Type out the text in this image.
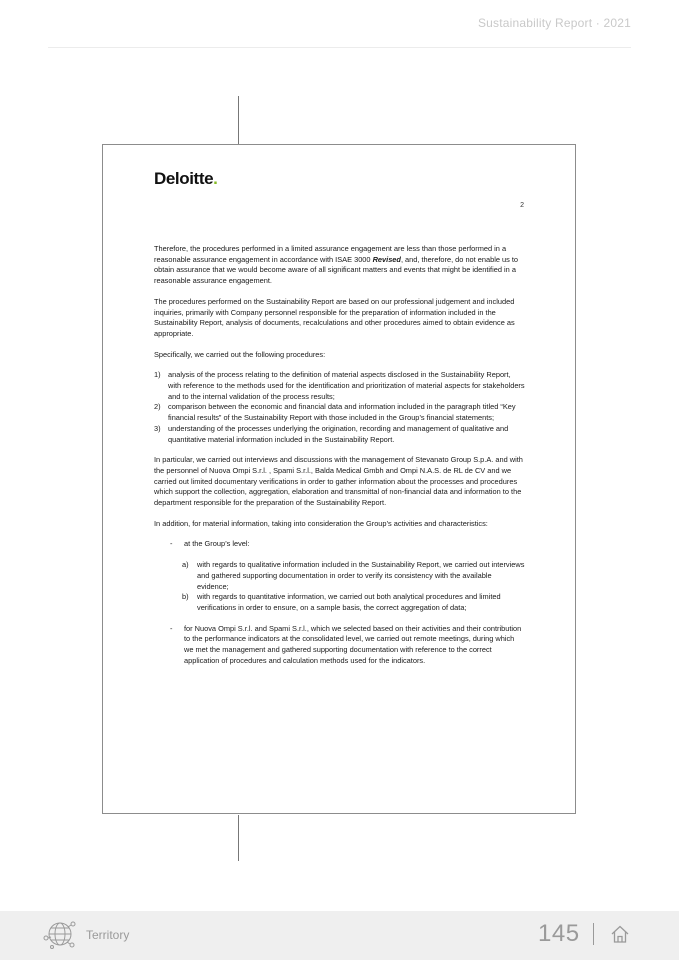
Sustainability Report · 2021
Deloitte.
2

Therefore, the procedures performed in a limited assurance engagement are less than those performed in a reasonable assurance engagement in accordance with ISAE 3000 Revised, and, therefore, do not enable us to obtain assurance that we would become aware of all significant matters and events that might be identified in a reasonable assurance engagement.

The procedures performed on the Sustainability Report are based on our professional judgement and included inquiries, primarily with Company personnel responsible for the preparation of information included in the Sustainability Report, analysis of documents, recalculations and other procedures aimed to obtain evidence as appropriate.

Specifically, we carried out the following procedures:

1) analysis of the process relating to the definition of material aspects disclosed in the Sustainability Report, with reference to the methods used for the identification and prioritization of material aspects for stakeholders and to the internal validation of the process results;
2) comparison between the economic and financial data and information included in the paragraph titled “Key financial results” of the Sustainability Report with those included in the Group’s financial statements;
3) understanding of the processes underlying the origination, recording and management of qualitative and quantitative material information included in the Sustainability Report.

In particular, we carried out interviews and discussions with the management of Stevanato Group S.p.A. and with the personnel of Nuova Ompi S.r.l. , Spami S.r.l., Balda Medical Gmbh and Ompi N.A.S. de RL de CV and we carried out limited documentary verifications in order to gather information about the processes and procedures which support the collection, aggregation, elaboration and transmittal of non-financial data and information to the department responsible for the preparation of the Sustainability Report.

In addition, for material information, taking into consideration the Group’s activities and characteristics:

- at the Group’s level:
a) with regards to qualitative information included in the Sustainability Report, we carried out interviews and gathered supporting documentation in order to verify its consistency with the available evidence;
b) with regards to quantitative information, we carried out both analytical procedures and limited verifications in order to ensure, on a sample basis, the correct aggregation of data;
- for Nuova Ompi S.r.l. and Spami S.r.l., which we selected based on their activities and their contribution to the performance indicators at the consolidated level, we carried out remote meetings, during which we met the management and gathered supporting documentation with reference to the correct application of procedures and calculation methods used for the indicators.
Territory	145
